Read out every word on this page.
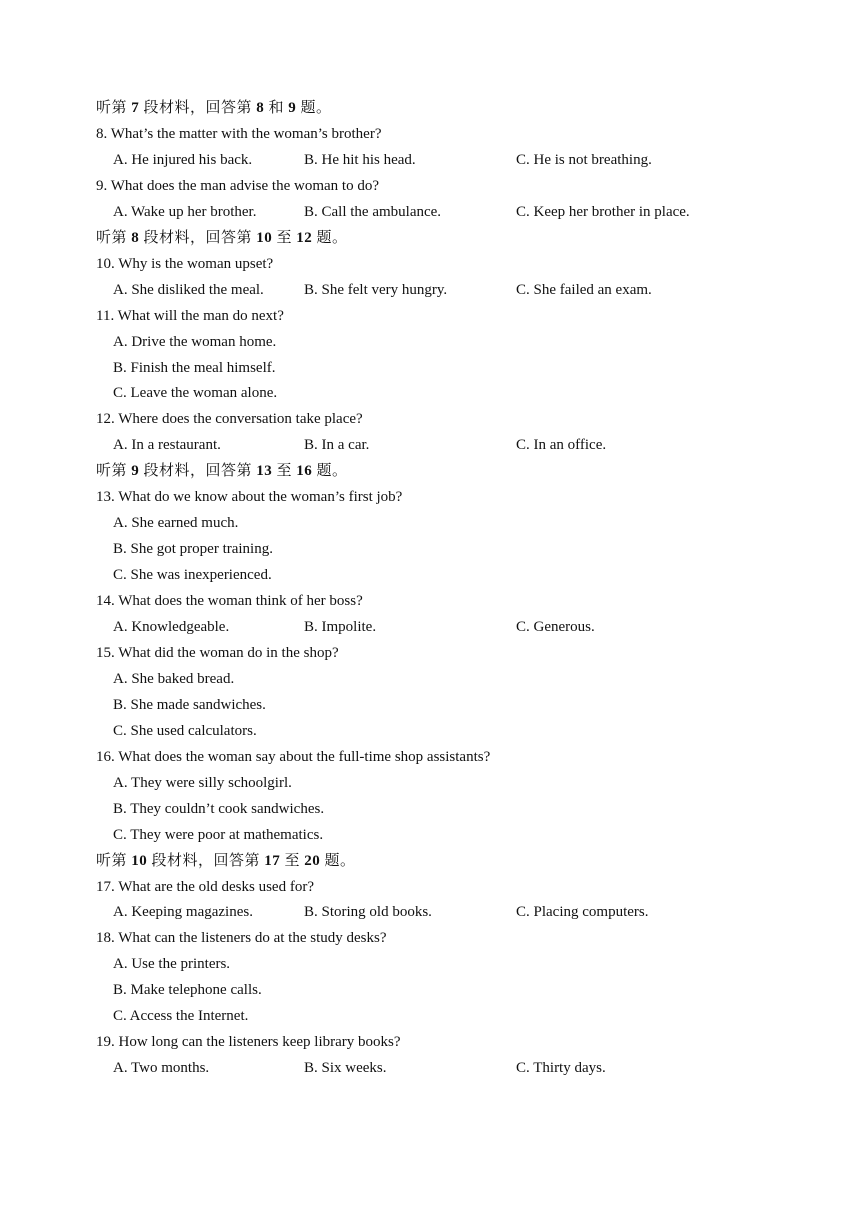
听第 7 段材料，回答第 8 和 9 题。
8. What’s the matter with the woman’s brother?
A. He injured his back.	B. He hit his head.	C. He is not breathing.
9. What does the man advise the woman to do?
A. Wake up her brother.	B. Call the ambulance.	C. Keep her brother in place.
听第 8 段材料，回答第 10 至 12 题。
10. Why is the woman upset?
A. She disliked the meal.	B. She felt very hungry.	C. She failed an exam.
11. What will the man do next?
A. Drive the woman home.
B. Finish the meal himself.
C. Leave the woman alone.
12. Where does the conversation take place?
A. In a restaurant.	B. In a car.	C. In an office.
听第 9 段材料，回答第 13 至 16 题。
13. What do we know about the woman’s first job?
A. She earned much.
B. She got proper training.
C. She was inexperienced.
14. What does the woman think of her boss?
A. Knowledgeable.	B. Impolite.	C. Generous.
15. What did the woman do in the shop?
A. She baked bread.
B. She made sandwiches.
C. She used calculators.
16. What does the woman say about the full-time shop assistants?
A. They were silly schoolgirl.
B. They couldn’t cook sandwiches.
C. They were poor at mathematics.
听第 10 段材料，回答第 17 至 20 题。
17. What are the old desks used for?
A. Keeping magazines.	B. Storing old books.	C. Placing computers.
18. What can the listeners do at the study desks?
A. Use the printers.
B. Make telephone calls.
C. Access the Internet.
19. How long can the listeners keep library books?
A. Two months.	B. Six weeks.	C. Thirty days.
